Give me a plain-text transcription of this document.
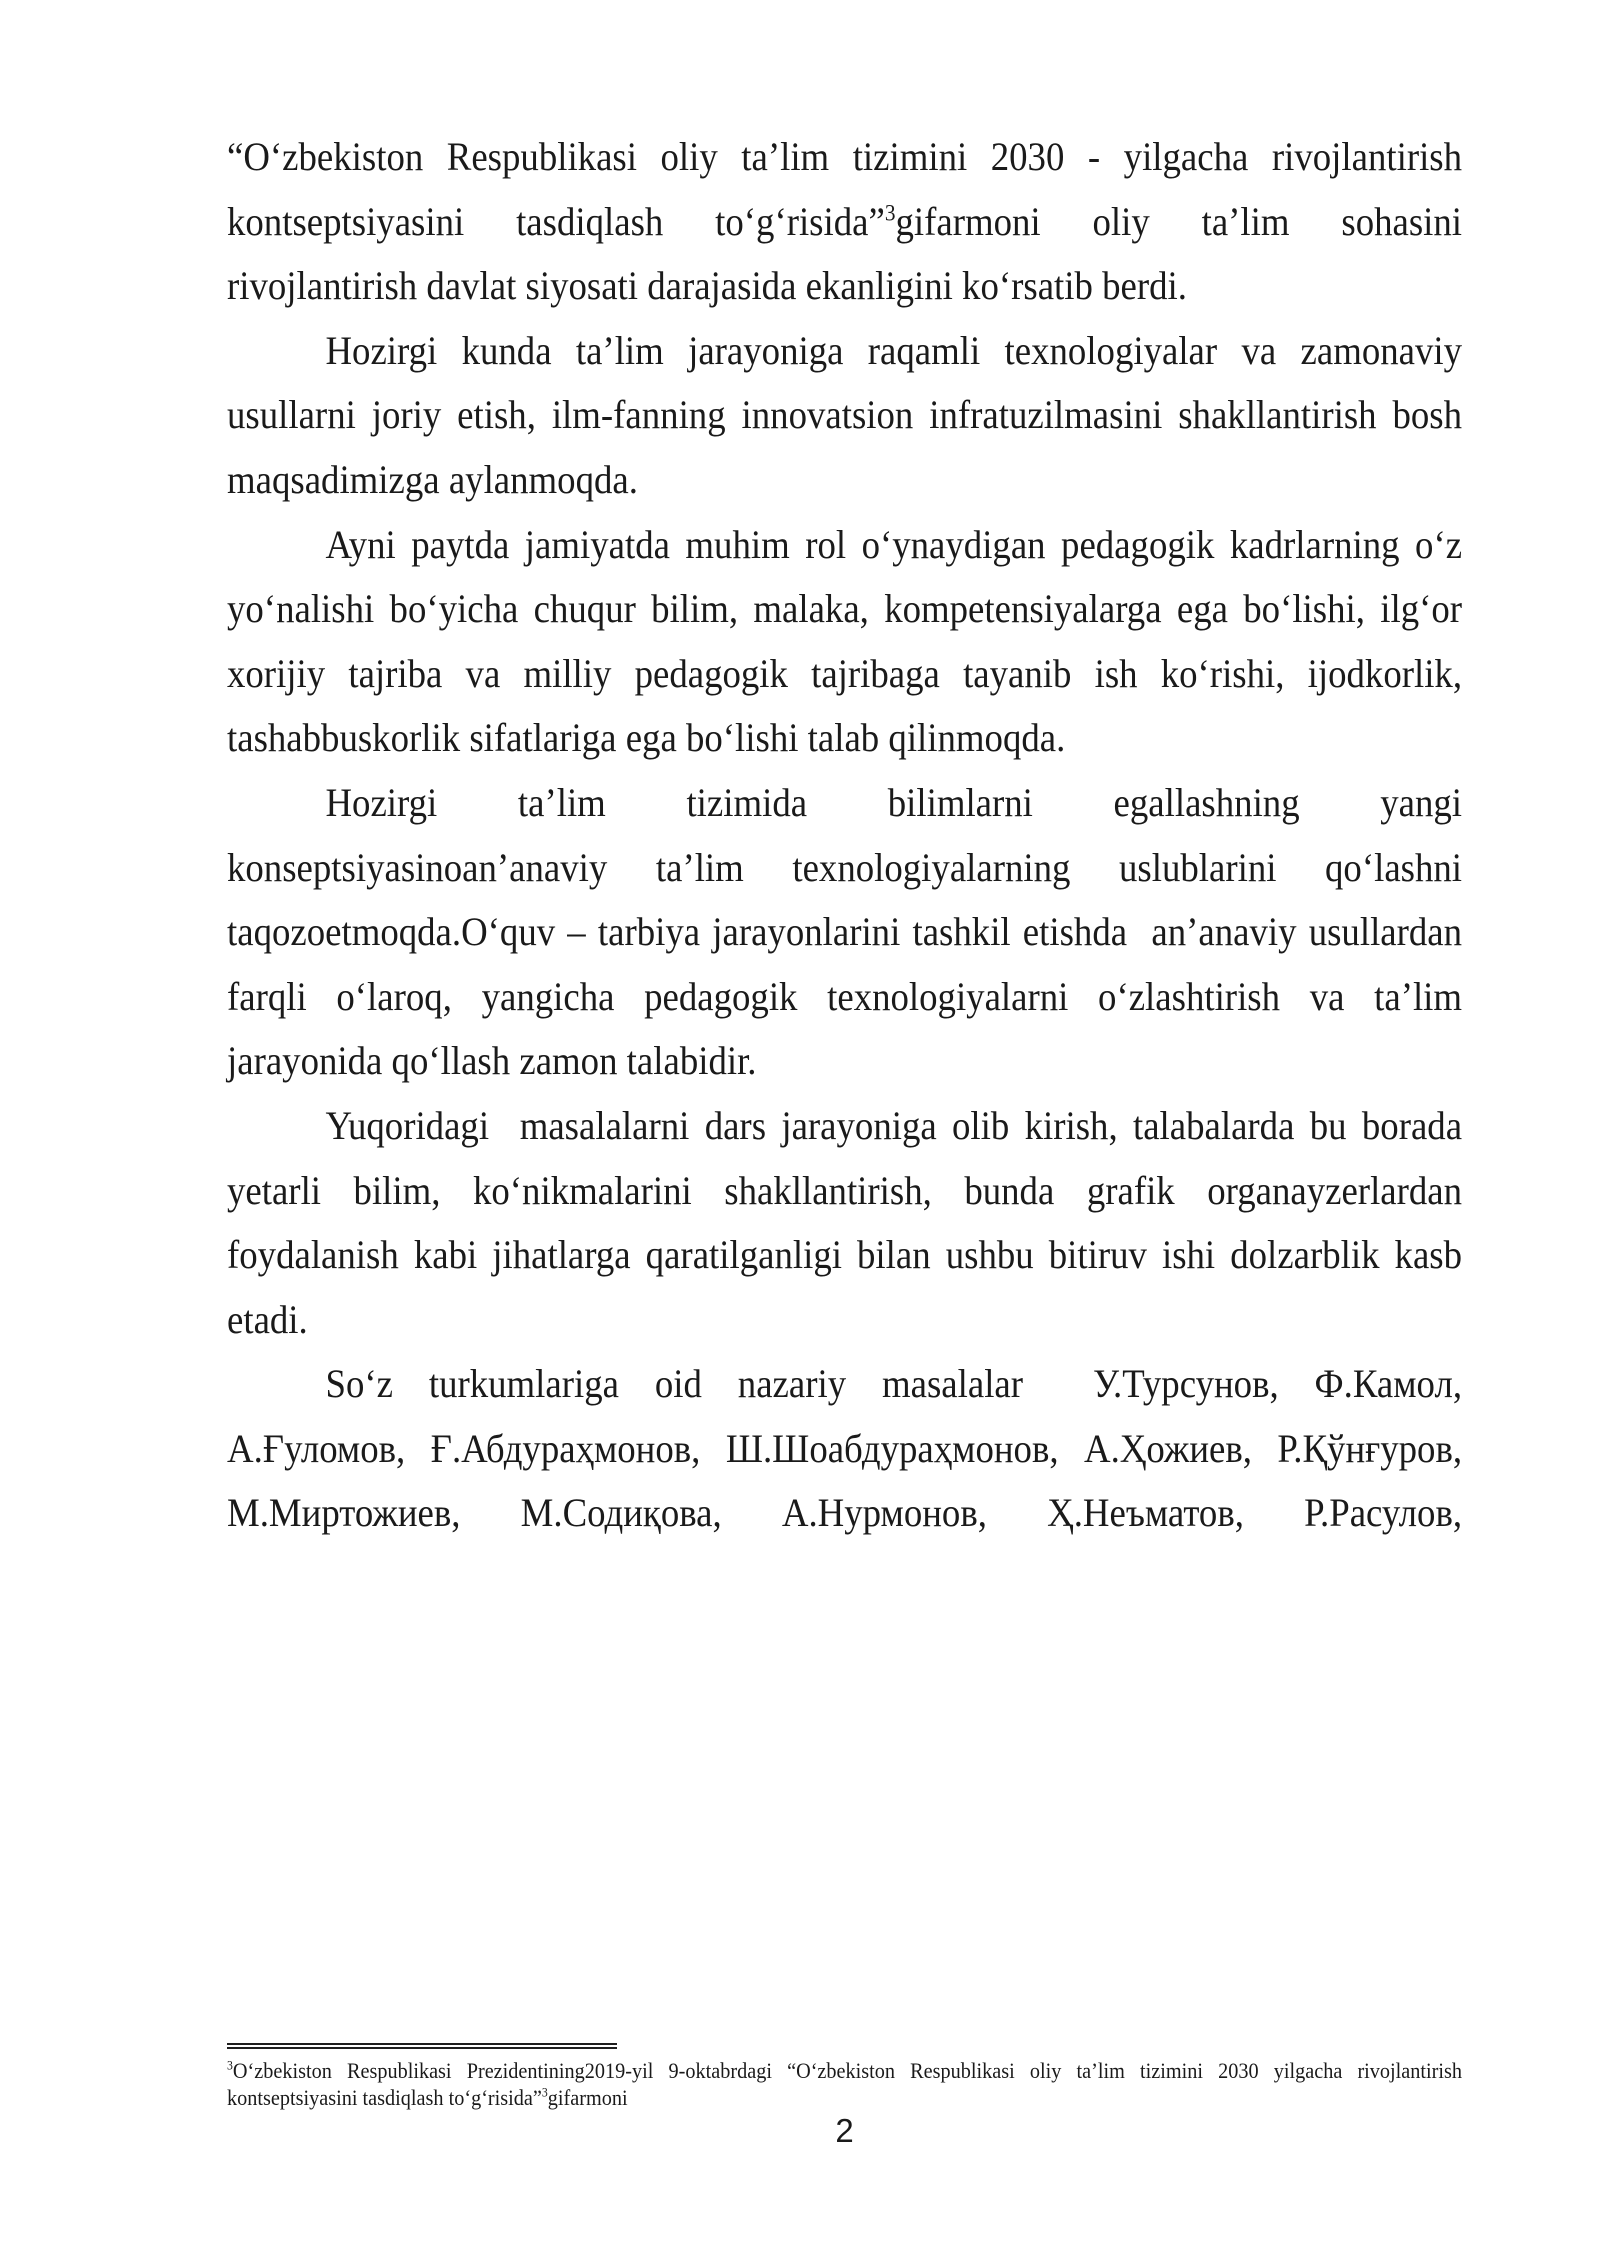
“O‘zbekiston Respublikasi oliy ta’lim tizimini 2030 - yilgacha rivojlantirish
kontseptsiyasini tasdiqlash to‘g‘risida”$^3$gifarmoni oliy ta’lim sohasini
rivojlantirish davlat siyosati darajasida ekanligini ko‘rsatib berdi.
Hozirgi kunda ta’lim jarayoniga raqamli texnologiyalar va zamonaviy
usullarni joriy etish, ilm-fanning innovatsion infratuzilmasini shakllantirish bosh
maqsadimizga aylanmoqda.
Ayni paytda jamiyatda muhim rol o‘ynaydigan pedagogik kadrlarning o‘z
yo‘nalishi bo‘yicha chuqur bilim, malaka, kompetensiyalarga ega bo‘lishi, ilg‘or
xorijiy tajriba va milliy pedagogik tajribaga tayanib ish ko‘rishi, ijodkorlik,
tashabbuskorlik sifatlariga ega bo‘lishi talab qilinmoqda.
Hozirgi ta’lim tizimida bilimlarni egallashning yangi
konseptsiyasinoan’anaviy ta’lim texnologiyalarning uslublarini qo‘lashni
taqozoetmoqda.O‘quv – tarbiya jarayonlarini tashkil etishda  an’anaviy usullardan
farqli o‘laroq, yangicha pedagogik texnologiyalarni o‘zlashtirish va ta’lim
jarayonida qo‘llash zamon talabidir.
Yuqoridagi  masalalarni dars jarayoniga olib kirish, talabalarda bu borada
yetarli bilim, ko‘nikmalarini shakllantirish, bunda grafik organayzerlardan
foydalanish kabi jihatlarga qaratilganligi bilan ushbu bitiruv ishi dolzarblik kasb
etadi.
So‘z turkumlariga oid nazariy masalalar У.Турсунов, Ф.Камол,
А.Ғуломов, Ғ.Абдураҳмонов, Ш.Шоабдураҳмонов, А.Ҳожиев, Р.Қўнғуров,
М.Миртожиев, М.Содиқова, А.Нурмонов, Ҳ.Неъматов, Р.Расулов,
$^3$O‘zbekiston Respublikasi Prezidentining2019-yil 9-oktabrdagi “O‘zbekiston Respublikasi oliy ta’lim tizimini 2030 yilgacha rivojlantirish
kontseptsiyasini tasdiqlash to‘g‘risida”$^3$gifarmoni
2
